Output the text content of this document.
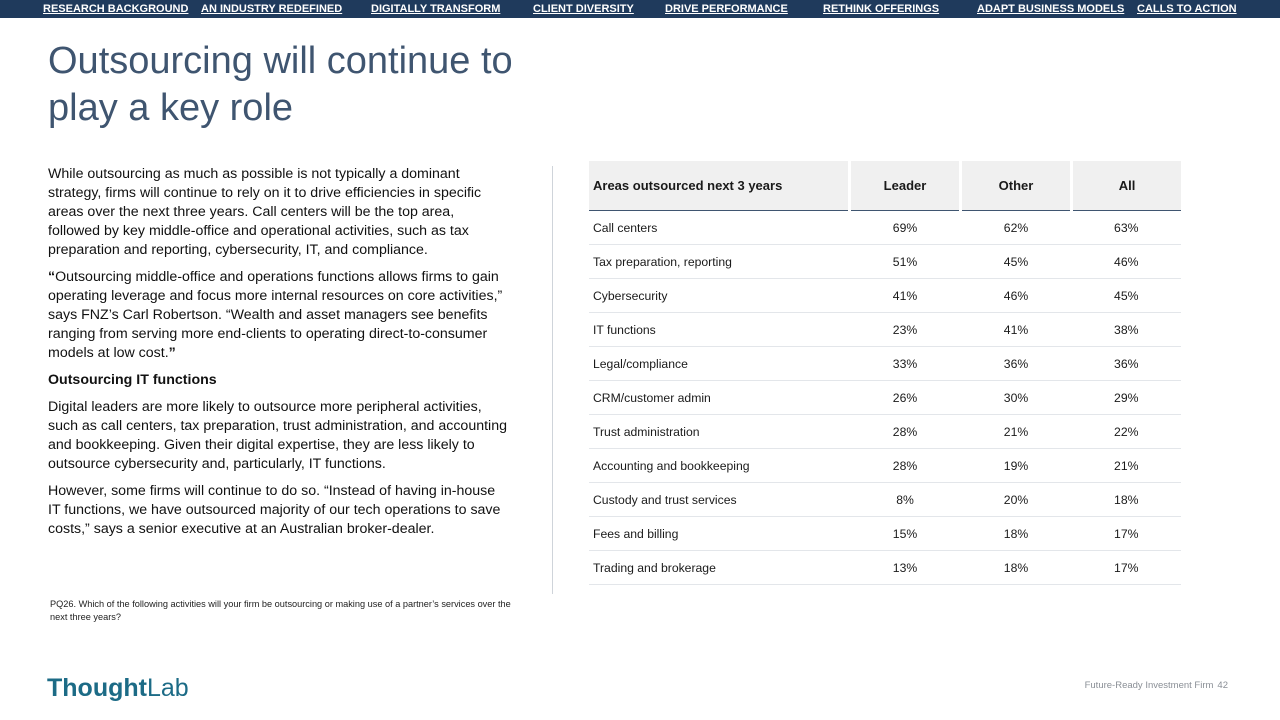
RESEARCH BACKGROUND AN INDUSTRY REDEFINED	DIGITALLY TRANSFORM	CLIENT DIVERSITY	DRIVE PERFORMANCE	RETHINK OFFERINGS	ADAPT BUSINESS MODELS CALLS TO ACTION
Outsourcing will continue to
play a key role

While outsourcing as much as possible is not typically a dominant strategy, firms will continue to rely on it to drive efficiencies in specific areas over the next three years. Call centers will be the top area, followed by key middle-office and operational activities, such as tax preparation and reporting, cybersecurity, IT, and compliance.

“Outsourcing middle-office and operations functions allows firms to gain operating leverage and focus more internal resources on core activities,” says FNZ’s Carl Robertson. “Wealth and asset managers see benefits ranging from serving more end-clients to operating direct-to-consumer models at low cost.”

Outsourcing IT functions

Digital leaders are more likely to outsource more peripheral activities, such as call centers, tax preparation, trust administration, and accounting and bookkeeping. Given their digital expertise, they are less likely to outsource cybersecurity and, particularly, IT functions.

However, some firms will continue to do so. “Instead of having in-house IT functions, we have outsourced majority of our tech operations to save costs,” says a senior executive at an Australian broker-dealer.

PQ26. Which of the following activities will your firm be outsourcing or making use of a partner’s services over the next three years?
Areas outsourced next 3 years	Leader	Other	All
Call centers	69%	62%	63%
Tax preparation, reporting	51%	45%	46%
Cybersecurity	41%	46%	45%
IT functions	23%	41%	38%
Legal/compliance	33%	36%	36%
CRM/customer admin	26%	30%	29%
Trust administration	28%	21%	22%
Accounting and bookkeeping	28%	19%	21%
Custody and trust services	8%	20%	18%
Fees and billing	15%	18%	17%
Trading and brokerage	13%	18%	17%
ThoughtLab	Future-Ready Investment Firm 42
